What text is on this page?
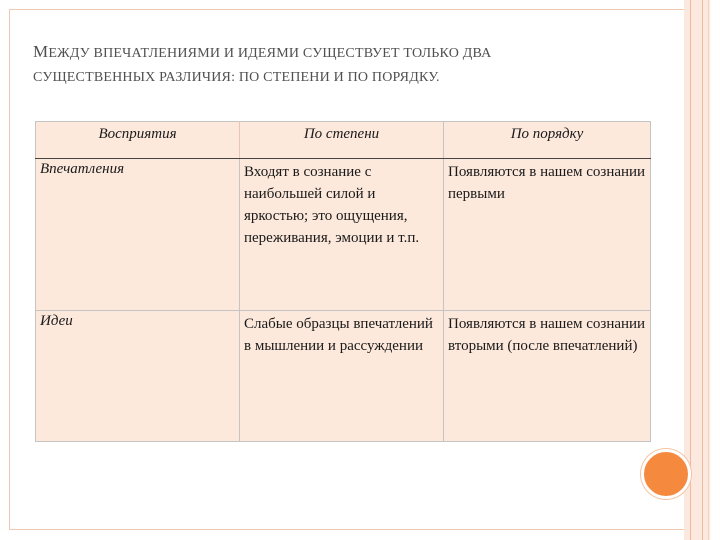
МЕЖДУ ВПЕЧАТЛЕНИЯМИ И ИДЕЯМИ СУЩЕСТВУЕТ ТОЛЬКО ДВА
СУЩЕСТВЕННЫХ РАЗЛИЧИЯ: ПО СТЕПЕНИ И ПО ПОРЯДКУ.
Восприятия	По степени	По порядку
Впечатления	Входят в сознание с наибольшей силой и яркостью; это ощущения, переживания, эмоции и т.п.	Появляются в нашем сознании первыми
Идеи	Слабые образцы впечатлений в мышлении и рассуждении	Появляются в нашем сознании вторыми (после впечатлений)
